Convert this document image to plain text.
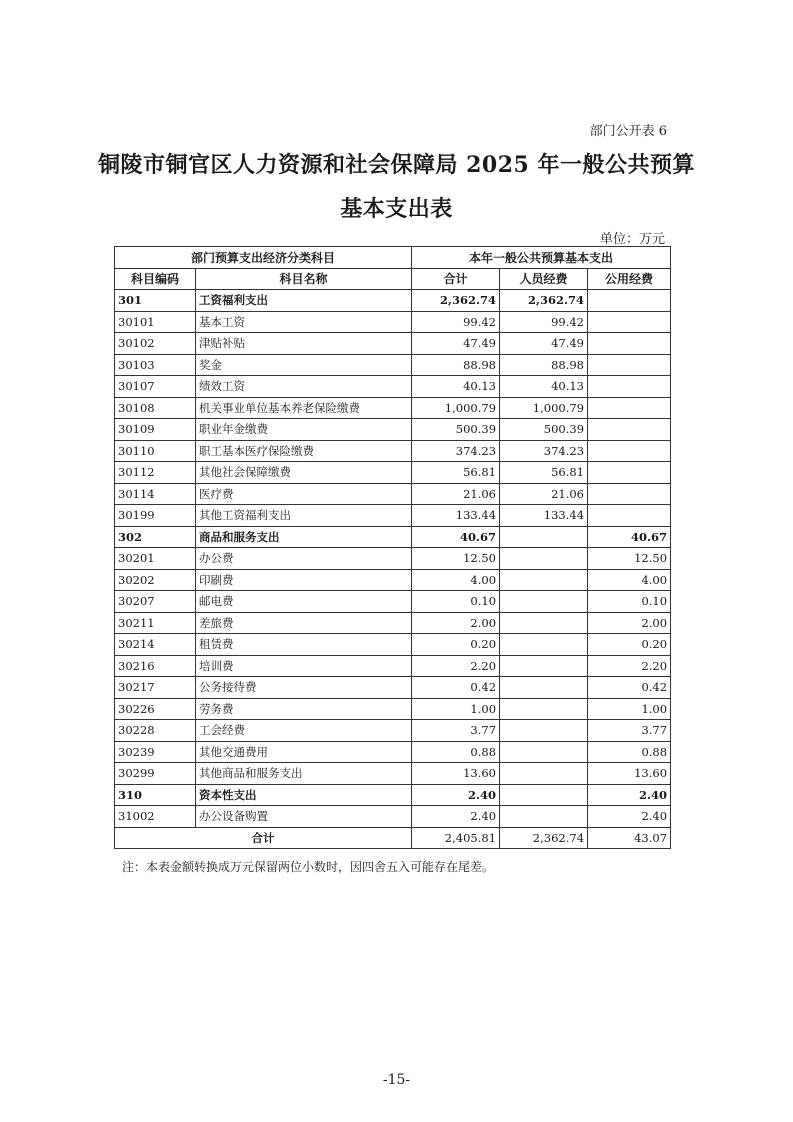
部门公开表 6
铜陵市铜官区人力资源和社会保障局 2025 年一般公共预算
基本支出表
单位：万元
部门预算支出经济分类科目		本年一般公共预算基本支出		
科目编码	科目名称	合计	人员经费	公用经费
301	工资福利支出	2,362.74	2,362.74	
30101	基本工资	99.42	99.42	
30102	津贴补贴	47.49	47.49	
30103	奖金	88.98	88.98	
30107	绩效工资	40.13	40.13	
30108	机关事业单位基本养老保险缴费	1,000.79	1,000.79	
30109	职业年金缴费	500.39	500.39	
30110	职工基本医疗保险缴费	374.23	374.23	
30112	其他社会保障缴费	56.81	56.81	
30114	医疗费	21.06	21.06	
30199	其他工资福利支出	133.44	133.44	
302	商品和服务支出	40.67		40.67
30201	办公费	12.50		12.50
30202	印刷费	4.00		4.00
30207	邮电费	0.10		0.10
30211	差旅费	2.00		2.00
30214	租赁费	0.20		0.20
30216	培训费	2.20		2.20
30217	公务接待费	0.42		0.42
30226	劳务费	1.00		1.00
30228	工会经费	3.77		3.77
30239	其他交通费用	0.88		0.88
30299	其他商品和服务支出	13.60		13.60
310	资本性支出	2.40		2.40
31002	办公设备购置	2.40		2.40
合计		2,405.81	2,362.74	43.07
注：本表金额转换成万元保留两位小数时，因四舍五入可能存在尾差。
-15-
